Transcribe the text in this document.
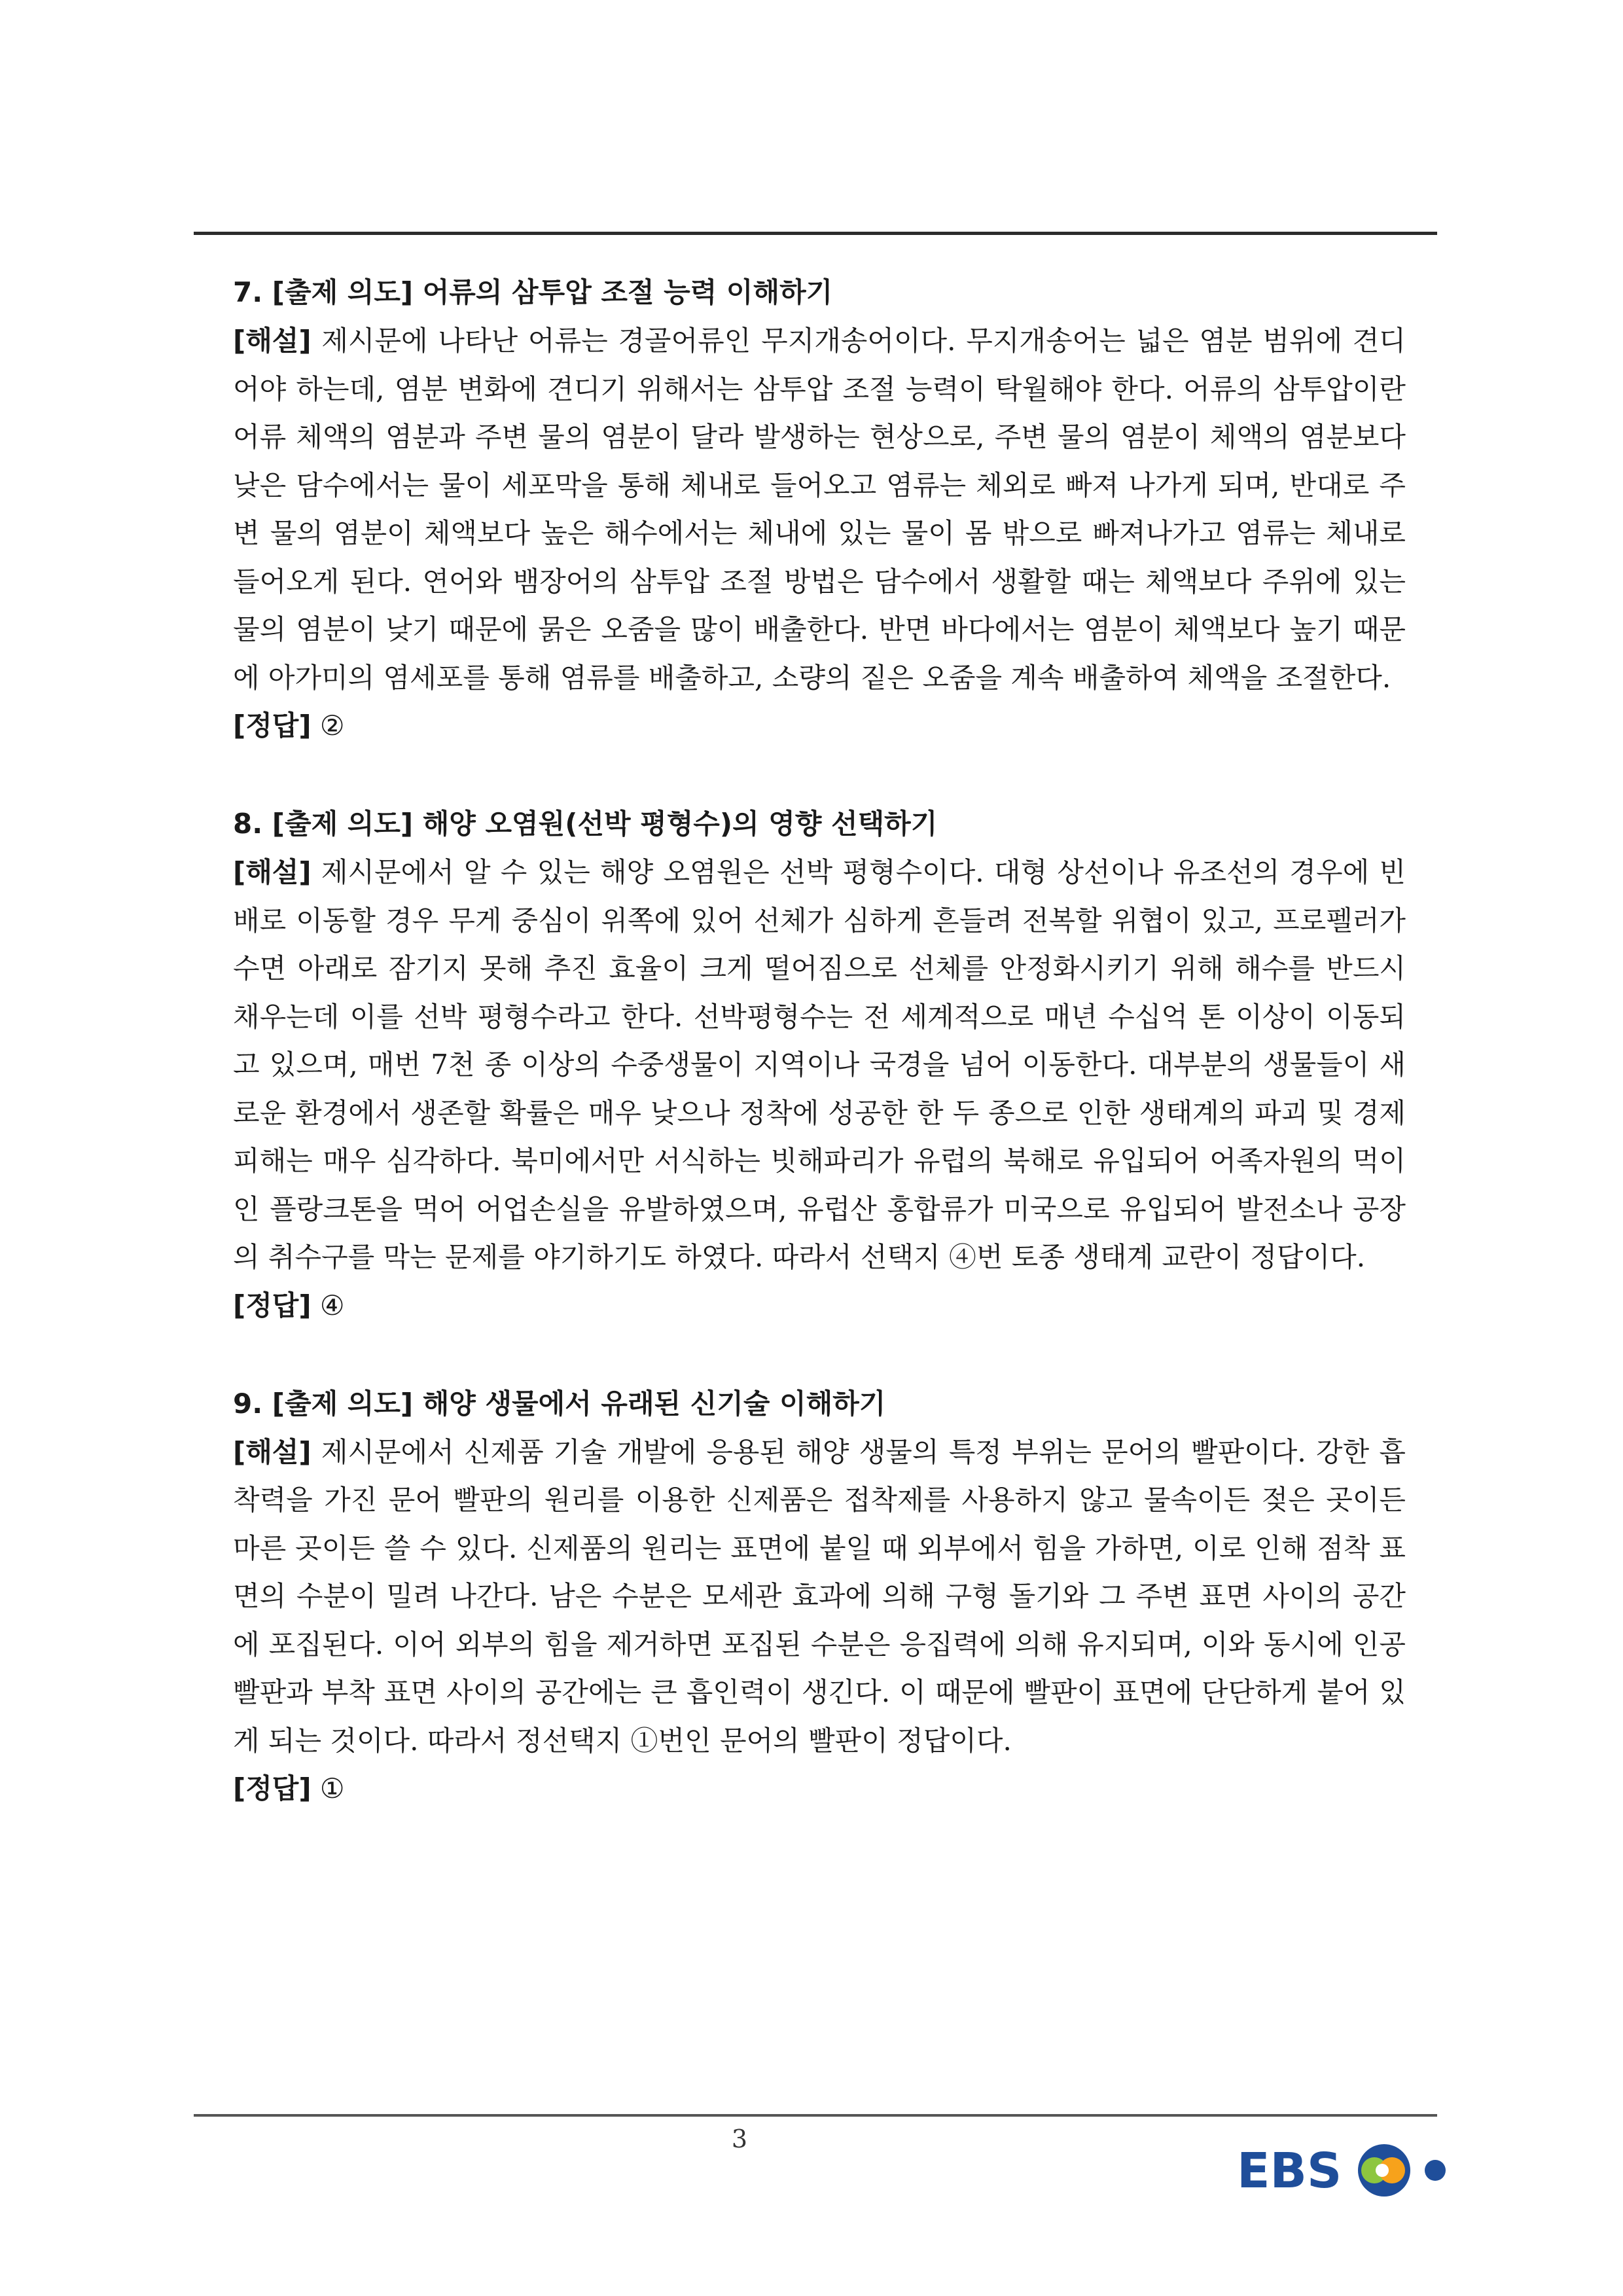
7. [출제 의도] 어류의 삼투압 조절 능력 이해하기

[해설] 제시문에 나타난 어류는 경골어류인 무지개송어이다. 무지개송어는 넓은 염분 범위에 견디어야 하는데, 염분 변화에 견디기 위해서는 삼투압 조절 능력이 탁월해야 한다. 어류의 삼투압이란 어류 체액의 염분과 주변 물의 염분이 달라 발생하는 현상으로, 주변 물의 염분이 체액의 염분보다 낮은 담수에서는 물이 세포막을 통해 체내로 들어오고 염류는 체외로 빠져 나가게 되며, 반대로 주변 물의 염분이 체액보다 높은 해수에서는 체내에 있는 물이 몸 밖으로 빠져나가고 염류는 체내로 들어오게 된다. 연어와 뱀장어의 삼투압 조절 방법은 담수에서 생활할 때는 체액보다 주위에 있는 물의 염분이 낮기 때문에 묽은 오줌을 많이 배출한다. 반면 바다에서는 염분이 체액보다 높기 때문에 아가미의 염세포를 통해 염류를 배출하고, 소량의 짙은 오줌을 계속 배출하여 체액을 조절한다.

[정답] ②

8. [출제 의도] 해양 오염원(선박 평형수)의 영향 선택하기

[해설] 제시문에서 알 수 있는 해양 오염원은 선박 평형수이다. 대형 상선이나 유조선의 경우에 빈 배로 이동할 경우 무게 중심이 위쪽에 있어 선체가 심하게 흔들려 전복할 위협이 있고, 프로펠러가 수면 아래로 잠기지 못해 추진 효율이 크게 떨어짐으로 선체를 안정화시키기 위해 해수를 반드시 채우는데 이를 선박 평형수라고 한다. 선박평형수는 전 세계적으로 매년 수십억 톤 이상이 이동되고 있으며, 매번 7천 종 이상의 수중생물이 지역이나 국경을 넘어 이동한다. 대부분의 생물들이 새로운 환경에서 생존할 확률은 매우 낮으나 정착에 성공한 한 두 종으로 인한 생태계의 파괴 및 경제 피해는 매우 심각하다. 북미에서만 서식하는 빗해파리가 유럽의 북해로 유입되어 어족자원의 먹이인 플랑크톤을 먹어 어업손실을 유발하였으며, 유럽산 홍합류가 미국으로 유입되어 발전소나 공장의 취수구를 막는 문제를 야기하기도 하였다. 따라서 선택지 ④번 토종 생태계 교란이 정답이다.

[정답] ④

9. [출제 의도] 해양 생물에서 유래된 신기술 이해하기

[해설] 제시문에서 신제품 기술 개발에 응용된 해양 생물의 특정 부위는 문어의 빨판이다. 강한 흡착력을 가진 문어 빨판의 원리를 이용한 신제품은 접착제를 사용하지 않고 물속이든 젖은 곳이든 마른 곳이든 쓸 수 있다. 신제품의 원리는 표면에 붙일 때 외부에서 힘을 가하면, 이로 인해 점착 표면의 수분이 밀려 나간다. 남은 수분은 모세관 효과에 의해 구형 돌기와 그 주변 표면 사이의 공간에 포집된다. 이어 외부의 힘을 제거하면 포집된 수분은 응집력에 의해 유지되며, 이와 동시에 인공 빨판과 부착 표면 사이의 공간에는 큰 흡인력이 생긴다. 이 때문에 빨판이 표면에 단단하게 붙어 있게 되는 것이다. 따라서 정선택지 ①번인 문어의 빨판이 정답이다.

[정답] ①

3
EBS
